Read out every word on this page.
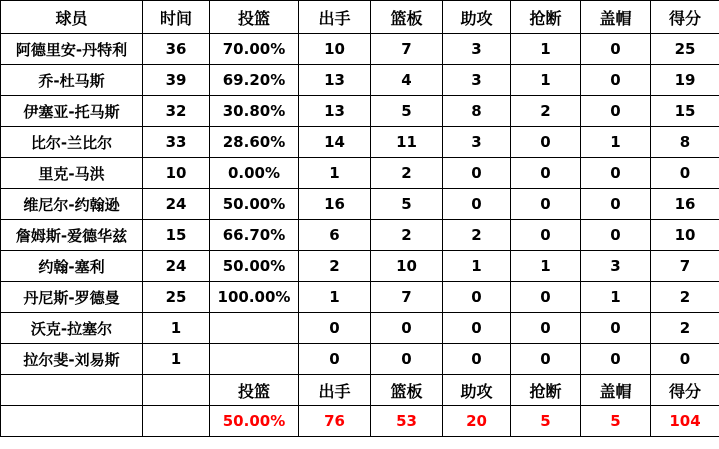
球员	时间	投篮	出手	篮板	助攻	抢断	盖帽	得分
阿德里安-丹特利	36	70.00%	10	7	3	1	0	25
乔-杜马斯	39	69.20%	13	4	3	1	0	19
伊塞亚-托马斯	32	30.80%	13	5	8	2	0	15
比尔-兰比尔	33	28.60%	14	11	3	0	1	8
里克-马洪	10	0.00%	1	2	0	0	0	0
维尼尔-约翰逊	24	50.00%	16	5	0	0	0	16
詹姆斯-爱德华兹	15	66.70%	6	2	2	0	0	10
约翰-塞利	24	50.00%	2	10	1	1	3	7
丹尼斯-罗德曼	25	100.00%	1	7	0	0	1	2
沃克-拉塞尔	1		0	0	0	0	0	2
拉尔斐-刘易斯	1		0	0	0	0	0	0
		投篮	出手	篮板	助攻	抢断	盖帽	得分
		50.00%	76	53	20	5	5	104
